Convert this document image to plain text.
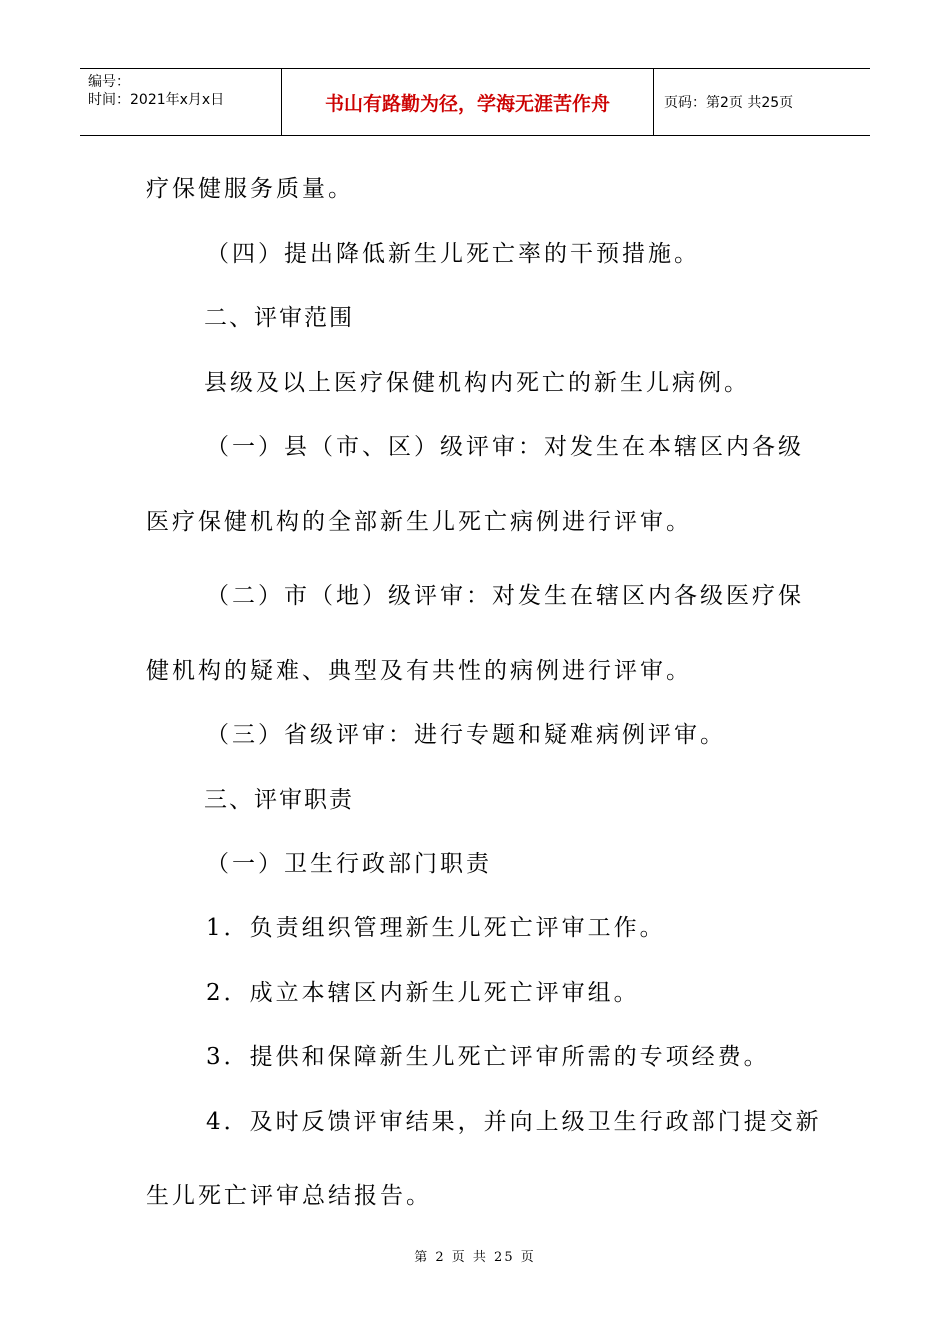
编号：
时间：2021年x月x日	书山有路勤为径，学海无涯苦作舟	页码：第2页 共25页
疗保健服务质量。
（四）提出降低新生儿死亡率的干预措施。
二、评审范围
县级及以上医疗保健机构内死亡的新生儿病例。
（一）县（市、区）级评审：对发生在本辖区内各级
医疗保健机构的全部新生儿死亡病例进行评审。
（二）市（地）级评审：对发生在辖区内各级医疗保
健机构的疑难、典型及有共性的病例进行评审。
（三）省级评审：进行专题和疑难病例评审。
三、评审职责
（一）卫生行政部门职责
1．负责组织管理新生儿死亡评审工作。
2．成立本辖区内新生儿死亡评审组。
3．提供和保障新生儿死亡评审所需的专项经费。
4．及时反馈评审结果，并向上级卫生行政部门提交新
生儿死亡评审总结报告。
第 2 页 共 25 页
